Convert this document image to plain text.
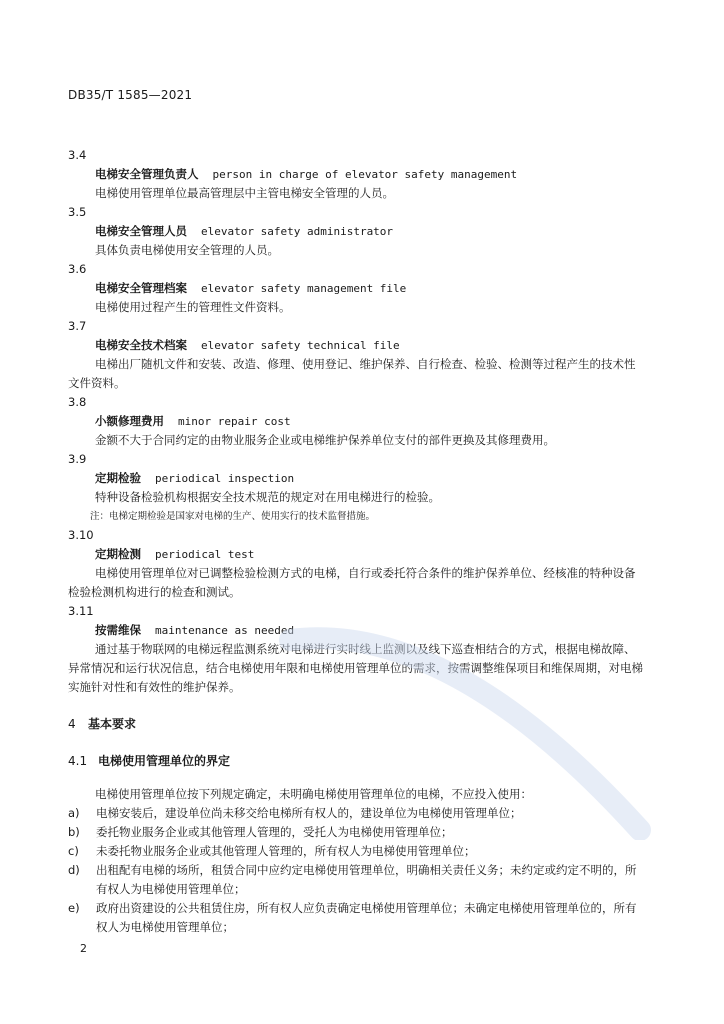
DB35/T 1585—2021
3.4
电梯安全管理负责人 person in charge of elevator safety management
电梯使用管理单位最高管理层中主管电梯安全管理的人员。
3.5
电梯安全管理人员 elevator safety administrator
具体负责电梯使用安全管理的人员。
3.6
电梯安全管理档案 elevator safety management file
电梯使用过程产生的管理性文件资料。
3.7
电梯安全技术档案 elevator safety technical file
电梯出厂随机文件和安装、改造、修理、使用登记、维护保养、自行检查、检验、检测等过程产生的技术性文件资料。
3.8
小额修理费用 minor repair cost
金额不大于合同约定的由物业服务企业或电梯维护保养单位支付的部件更换及其修理费用。
3.9
定期检验 periodical inspection
特种设备检验机构根据安全技术规范的规定对在用电梯进行的检验。
注：电梯定期检验是国家对电梯的生产、使用实行的技术监督措施。
3.10
定期检测 periodical test
电梯使用管理单位对已调整检验检测方式的电梯，自行或委托符合条件的维护保养单位、经核准的特种设备检验检测机构进行的检查和测试。
3.11
按需维保 maintenance as needed
通过基于物联网的电梯远程监测系统对电梯进行实时线上监测以及线下巡查相结合的方式，根据电梯故障、异常情况和运行状况信息，结合电梯使用年限和电梯使用管理单位的需求，按需调整维保项目和维保周期，对电梯实施针对性和有效性的维护保养。
4 基本要求
4.1 电梯使用管理单位的界定
电梯使用管理单位按下列规定确定，未明确电梯使用管理单位的电梯，不应投入使用：
a)	电梯安装后，建设单位尚未移交给电梯所有权人的，建设单位为电梯使用管理单位；
b)	委托物业服务企业或其他管理人管理的，受托人为电梯使用管理单位；
c)	未委托物业服务企业或其他管理人管理的，所有权人为电梯使用管理单位；
d)	出租配有电梯的场所，租赁合同中应约定电梯使用管理单位，明确相关责任义务；未约定或约定不明的，所有权人为电梯使用管理单位；
e)	政府出资建设的公共租赁住房，所有权人应负责确定电梯使用管理单位；未确定电梯使用管理单位的，所有权人为电梯使用管理单位；
2
